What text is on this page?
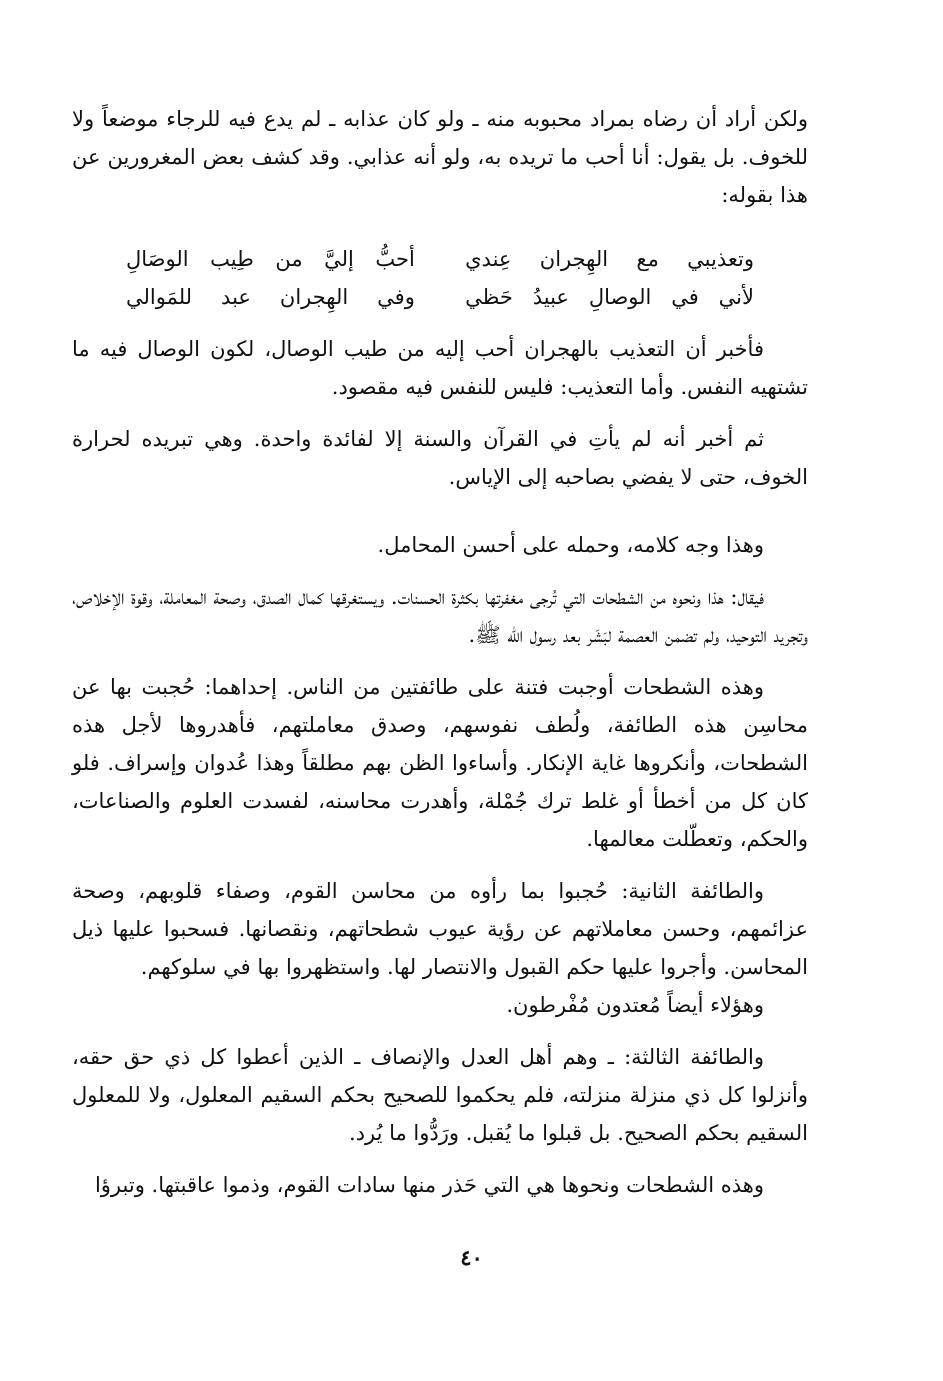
ولكن أراد أن رضاه بمراد محبوبه منه ـ ولو كان عذابه ـ لم يدع فيه للرجاء موضعاً ولا للخوف. بل يقول: أنا أحب ما تريده به، ولو أنه عذابي. وقد كشف بعض المغرورين عن هذا بقوله:

وتعذيبي مع الهِجران عِندي
أحبُّ إليَّ من طِيب الوصَالِ
لأني في الوصالِ عبيدُ حَظي
وفي الهِجران عبد للمَوالي

فأخبر أن التعذيب بالهجران أحب إليه من طيب الوصال، لكون الوصال فيه ما تشتهيه النفس. وأما التعذيب: فليس للنفس فيه مقصود.

ثم أخبر أنه لم يأتِ في القرآن والسنة إلا لفائدة واحدة. وهي تبريده لحرارة الخوف، حتى لا يفضي بصاحبه إلى الإياس.

وهذا وجه كلامه، وحمله على أحسن المحامل.

فيقال: هذا ونحوه من الشطحات التي تُرجى مغفرتها بكثرة الحسنات. ويستغرقها كمال الصدق، وصحة المعاملة، وقوة الإخلاص، وتجريد التوحيد، ولم تضمن العصمة لبَشَر بعد رسول الله ﷺ.

وهذه الشطحات أوجبت فتنة على طائفتين من الناس. إحداهما: حُجبت بها عن محاسِن هذه الطائفة، ولُطف نفوسهم، وصدق معاملتهم، فأهدروها لأجل هذه الشطحات، وأنكروها غاية الإنكار. وأساءوا الظن بهم مطلقاً وهذا عُدوان وإسراف. فلو كان كل من أخطأ أو غلط ترك جُمْلة، وأهدرت محاسنه، لفسدت العلوم والصناعات، والحكم، وتعطّلت معالمها.

والطائفة الثانية: حُجبوا بما رأوه من محاسن القوم، وصفاء قلوبهم، وصحة عزائمهم، وحسن معاملاتهم عن رؤية عيوب شطحاتهم، ونقصانها. فسحبوا عليها ذيل المحاسن. وأجروا عليها حكم القبول والانتصار لها. واستظهروا بها في سلوكهم.

وهؤلاء أيضاً مُعتدون مُفْرطون.

والطائفة الثالثة: ـ وهم أهل العدل والإنصاف ـ الذين أعطوا كل ذي حق حقه، وأنزلوا كل ذي منزلة منزلته، فلم يحكموا للصحيح بحكم السقيم المعلول، ولا للمعلول السقيم بحكم الصحيح. بل قبلوا ما يُقبل. ورَدُّوا ما يُرد.

وهذه الشطحات ونحوها هي التي حَذر منها سادات القوم، وذموا عاقبتها. وتبرؤا

٤٠
